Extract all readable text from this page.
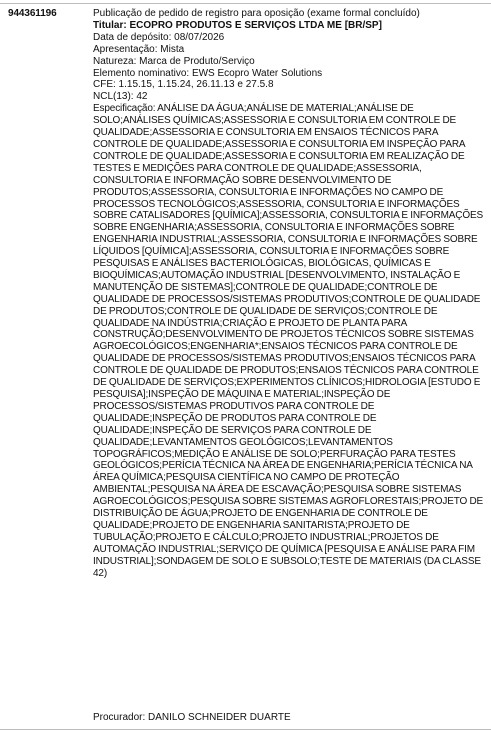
944361196	Publicação de pedido de registro para oposição (exame formal concluído)
Titular: ECOPRO PRODUTOS E SERVIÇOS LTDA ME [BR/SP]
Data de depósito: 08/07/2026
Apresentação: Mista
Natureza: Marca de Produto/Serviço
Elemento nominativo: EWS Ecopro Water Solutions
CFE: 1.15.15, 1.15.24, 26.11.13 e 27.5.8
NCL(13): 42
Especificação: ANÁLISE DA ÁGUA;ANÁLISE DE MATERIAL;ANÁLISE DE SOLO;ANÁLISES QUÍMICAS;ASSESSORIA E CONSULTORIA EM CONTROLE DE QUALIDADE;ASSESSORIA E CONSULTORIA EM ENSAIOS TÉCNICOS PARA CONTROLE DE QUALIDADE;ASSESSORIA E CONSULTORIA EM INSPEÇÃO PARA CONTROLE DE QUALIDADE;ASSESSORIA E CONSULTORIA EM REALIZAÇÃO DE TESTES E MEDIÇÕES PARA CONTROLE DE QUALIDADE;ASSESSORIA, CONSULTORIA E INFORMAÇÃO SOBRE DESENVOLVIMENTO DE PRODUTOS;ASSESSORIA, CONSULTORIA E INFORMAÇÕES NO CAMPO DE PROCESSOS TECNOLÓGICOS;ASSESSORIA, CONSULTORIA E INFORMAÇÕES SOBRE CATALISADORES [QUÍMICA];ASSESSORIA, CONSULTORIA E INFORMAÇÕES SOBRE ENGENHARIA;ASSESSORIA, CONSULTORIA E INFORMAÇÕES SOBRE ENGENHARIA INDUSTRIAL;ASSESSORIA, CONSULTORIA E INFORMAÇÕES SOBRE LÍQUIDOS [QUÍMICA];ASSESSORIA, CONSULTORIA E INFORMAÇÕES SOBRE PESQUISAS E ANÁLISES BACTERIOLÓGICAS, BIOLÓGICAS, QUÍMICAS E BIOQUÍMICAS;AUTOMAÇÃO INDUSTRIAL [DESENVOLVIMENTO, INSTALAÇÃO E MANUTENÇÃO DE SISTEMAS];CONTROLE DE QUALIDADE;CONTROLE DE QUALIDADE DE PROCESSOS/SISTEMAS PRODUTIVOS;CONTROLE DE QUALIDADE DE PRODUTOS;CONTROLE DE QUALIDADE DE SERVIÇOS;CONTROLE DE QUALIDADE NA INDÚSTRIA;CRIAÇÃO E PROJETO DE PLANTA PARA CONSTRUÇÃO;DESENVOLVIMENTO DE PROJETOS TÉCNICOS SOBRE SISTEMAS AGROECOLÓGICOS;ENGENHARIA*;ENSAIOS TÉCNICOS PARA CONTROLE DE QUALIDADE DE PROCESSOS/SISTEMAS PRODUTIVOS;ENSAIOS TÉCNICOS PARA CONTROLE DE QUALIDADE DE PRODUTOS;ENSAIOS TÉCNICOS PARA CONTROLE DE QUALIDADE DE SERVIÇOS;EXPERIMENTOS CLÍNICOS;HIDROLOGIA [ESTUDO E PESQUISA];INSPEÇÃO DE MÁQUINA E MATERIAL;INSPEÇÃO DE PROCESSOS/SISTEMAS PRODUTIVOS PARA CONTROLE DE QUALIDADE;INSPEÇÃO DE PRODUTOS PARA CONTROLE DE QUALIDADE;INSPEÇÃO DE SERVIÇOS PARA CONTROLE DE QUALIDADE;LEVANTAMENTOS GEOLÓGICOS;LEVANTAMENTOS TOPOGRÁFICOS;MEDIÇÃO E ANÁLISE DE SOLO;PERFURAÇÃO PARA TESTES GEOLÓGICOS;PERÍCIA TÉCNICA NA ÁREA DE ENGENHARIA;PERÍCIA TÉCNICA NA ÁREA QUÍMICA;PESQUISA CIENTÍFICA NO CAMPO DE PROTEÇÃO AMBIENTAL;PESQUISA NA ÁREA DE ESCAVAÇÃO;PESQUISA SOBRE SISTEMAS AGROECOLÓGICOS;PESQUISA SOBRE SISTEMAS AGROFLORESTAIS;PROJETO DE DISTRIBUIÇÃO DE ÁGUA;PROJETO DE ENGENHARIA DE CONTROLE DE QUALIDADE;PROJETO DE ENGENHARIA SANITARISTA;PROJETO DE TUBULAÇÃO;PROJETO E CÁLCULO;PROJETO INDUSTRIAL;PROJETOS DE AUTOMAÇÃO INDUSTRIAL;SERVIÇO DE QUÍMICA [PESQUISA E ANÁLISE PARA FIM INDUSTRIAL];SONDAGEM DE SOLO E SUBSOLO;TESTE DE MATERIAIS (DA CLASSE 42)
Procurador: DANILO SCHNEIDER DUARTE
